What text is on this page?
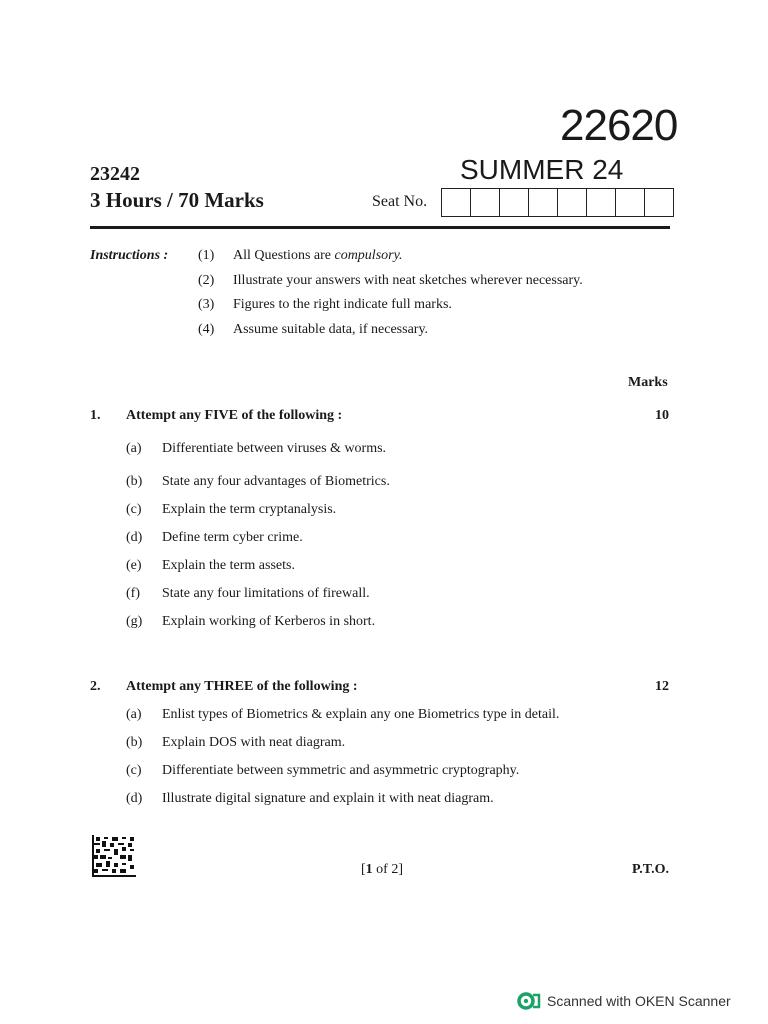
22620
SUMMER 24
23242
3 Hours / 70 Marks	Seat No.
Instructions : (1)	All Questions are compulsory.
(2)	Illustrate your answers with neat sketches wherever necessary.
(3)	Figures to the right indicate full marks.
(4)	Assume suitable data, if necessary.
Marks
1. Attempt any FIVE of the following :	10
(a)	Differentiate between viruses & worms.
(b)	State any four advantages of Biometrics.
(c)	Explain the term cryptanalysis.
(d)	Define term cyber crime.
(e)	Explain the term assets.
(f)	State any four limitations of firewall.
(g)	Explain working of Kerberos in short.
2. Attempt any THREE of the following :	12
(a)	Enlist types of Biometrics & explain any one Biometrics type in detail.
(b)	Explain DOS with neat diagram.
(c)	Differentiate between symmetric and asymmetric cryptography.
(d)	Illustrate digital signature and explain it with neat diagram.
[1 of 2]	P.T.O.
Scanned with OKEN Scanner
